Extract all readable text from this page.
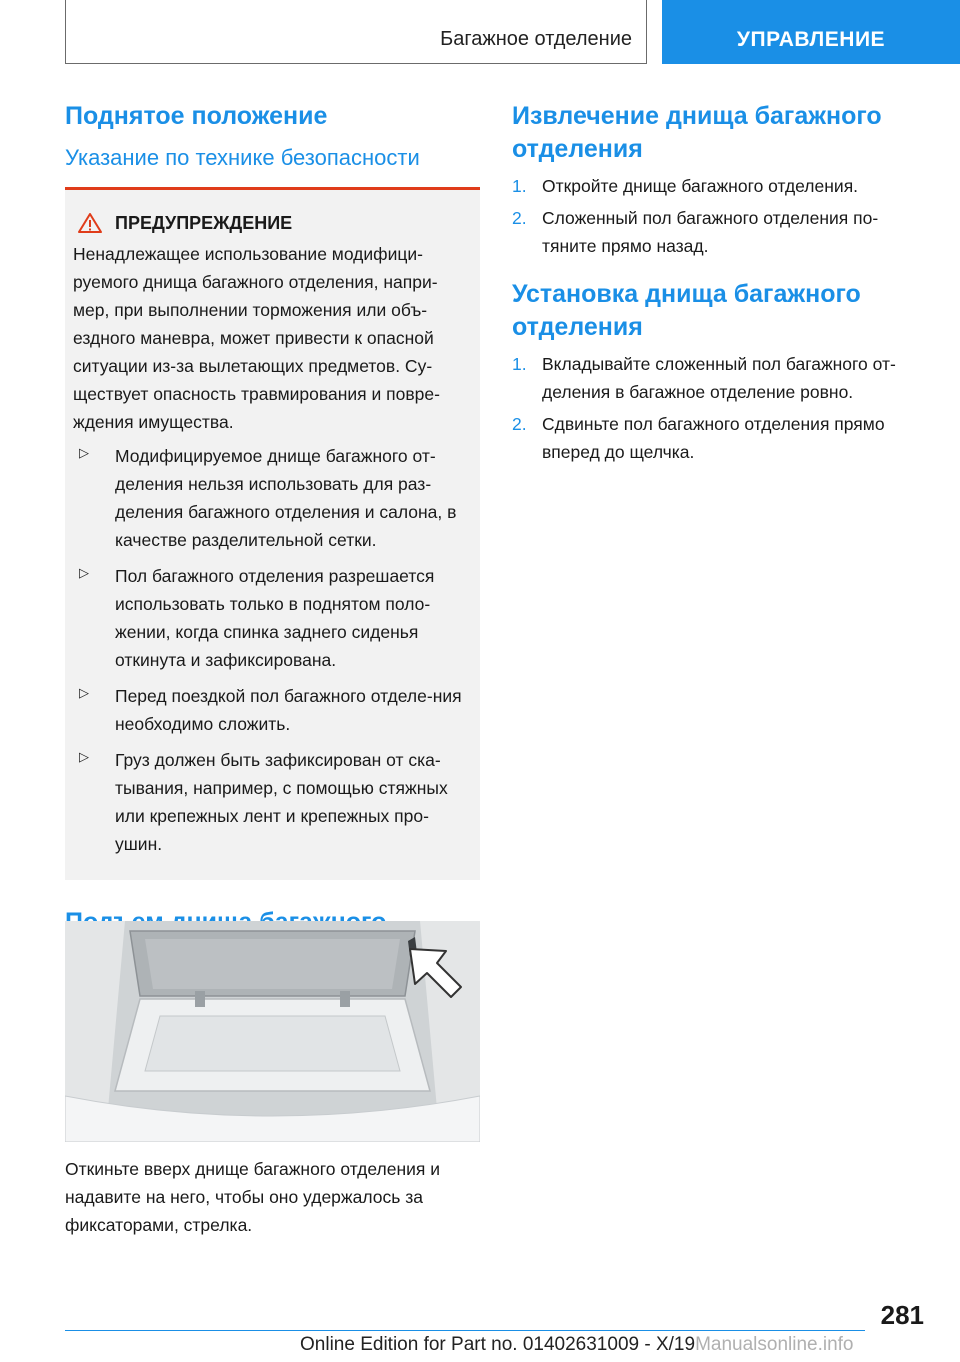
Багажное отделение	УПРАВЛЕНИЕ
Поднятое положение
Указание по технике безопасности
ПРЕДУПРЕЖДЕНИЕ

Ненадлежащее использование модифици-руемого днища багажного отделения, напри-мер, при выполнении торможения или объ-ездного маневра, может привести к опасной ситуации из-за вылетающих предметов. Су-ществует опасность травмирования и повре-ждения имущества.

▷	Модифицируемое днище багажного от-деления нельзя использовать для раз-деления багажного отделения и салона, в качестве разделительной сетки.
▷	Пол багажного отделения разрешается использовать только в поднятом поло-жении, когда спинка заднего сиденья откинута и зафиксирована.
▷	Перед поездкой пол багажного отделе-ния необходимо сложить.
▷	Груз должен быть зафиксирован от ска-тывания, например, с помощью стяжных или крепежных лент и крепежных про-ушин.

Откиньте вверх днище багажного отделения и надавите на него, чтобы оно удержалось за фиксаторами, стрелка.

Извлечение днища багажного отделения
1. Откройте днище багажного отделения.
2. Сложенный пол багажного отделения по-тяните прямо назад.
Установка днища багажного отделения
1. Вкладывайте сложенный пол багажного от-деления в багажное отделение ровно.
2. Сдвиньте пол багажного отделения прямо вперед до щелчка.
281
Online Edition for Part no. 01402631009 - X/19Manualsonline.info
